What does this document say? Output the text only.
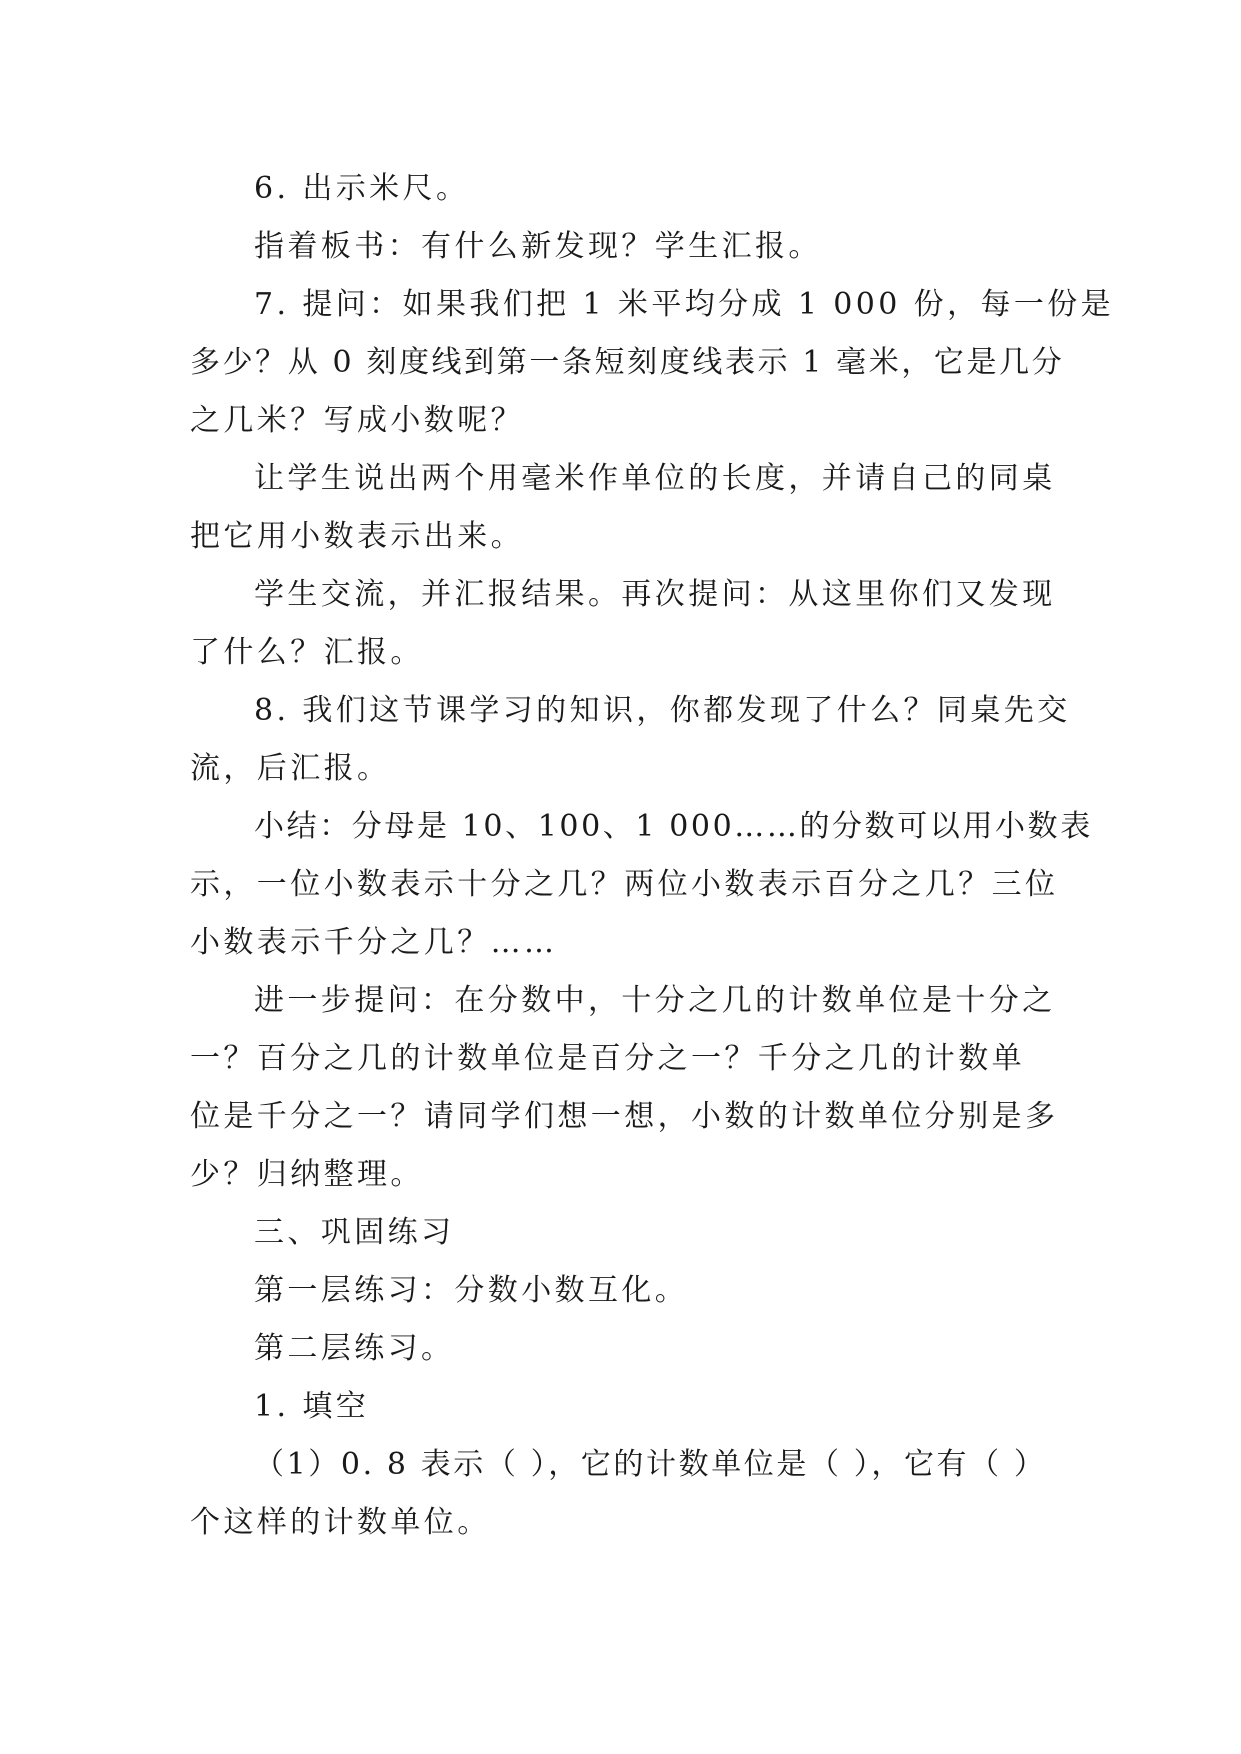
6. 出示米尺。
指着板书：有什么新发现？学生汇报。
7. 提问：如果我们把 1 米平均分成 1 000 份，每一份是
多少？从 0 刻度线到第一条短刻度线表示 1 毫米，它是几分
之几米？写成小数呢？
让学生说出两个用毫米作单位的长度，并请自己的同桌
把它用小数表示出来。
学生交流，并汇报结果。再次提问：从这里你们又发现
了什么？汇报。
8. 我们这节课学习的知识，你都发现了什么？同桌先交
流，后汇报。
小结：分母是 10、100、1 000……的分数可以用小数表
示，一位小数表示十分之几？两位小数表示百分之几？三位
小数表示千分之几？……
进一步提问：在分数中，十分之几的计数单位是十分之
一？百分之几的计数单位是百分之一？千分之几的计数单
位是千分之一？请同学们想一想，小数的计数单位分别是多
少？归纳整理。
三、巩固练习
第一层练习：分数小数互化。
第二层练习。
1. 填空
（1）0. 8 表示（ ），它的计数单位是（ ），它有（ ）
个这样的计数单位。
